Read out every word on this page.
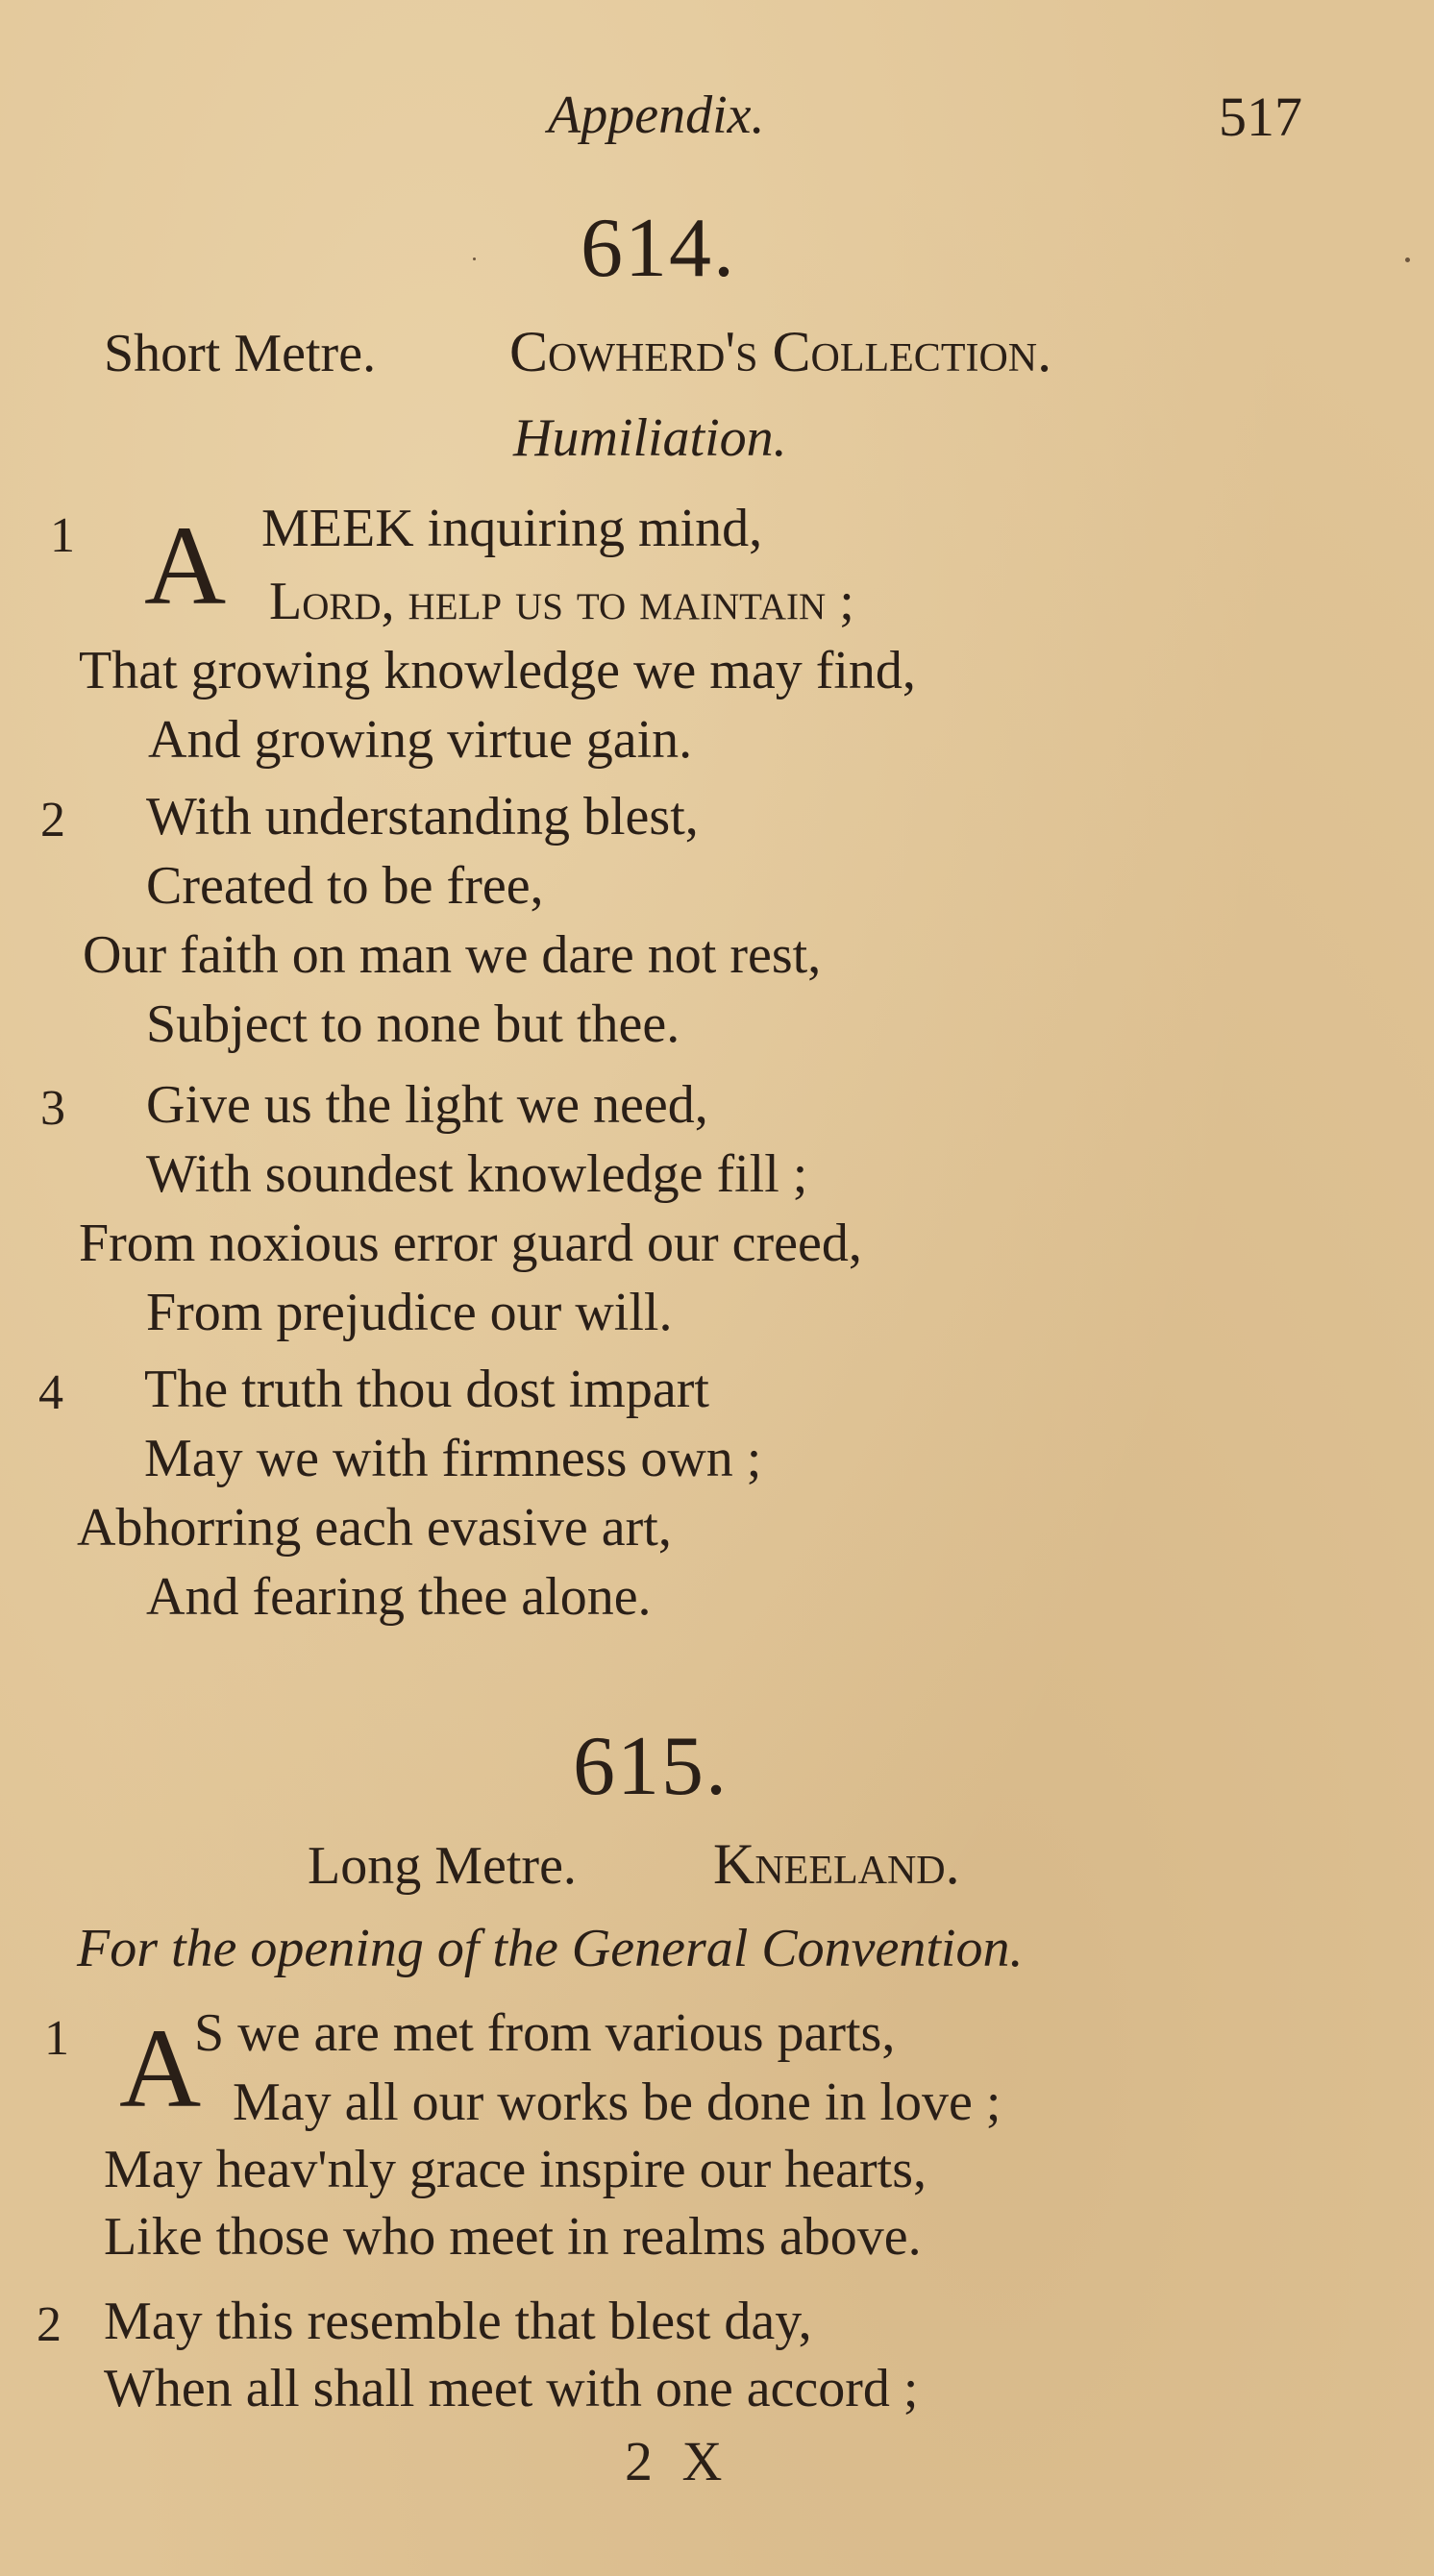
Appendix.	517
614.
Short Metre. Cowherd's Collection.
Humiliation.
1 A MEEK inquiring mind,
Lord, help us to maintain ;
That growing knowledge we may find,
And growing virtue gain.
2 With understanding blest,
Created to be free,
Our faith on man we dare not rest,
Subject to none but thee.
3 Give us the light we need,
With soundest knowledge fill ;
From noxious error guard our creed,
From prejudice our will.
4 The truth thou dost impart
May we with firmness own ;
Abhorring each evasive art,
And fearing thee alone.
615.
Long Metre. Kneeland.
For the opening of the General Convention.
1 A
S we are met from various parts,
May all our works be done in love ;
May heav'nly grace inspire our hearts,
Like those who meet in realms above.
2 May this resemble that blest day,
When all shall meet with one accord ;
2 X
